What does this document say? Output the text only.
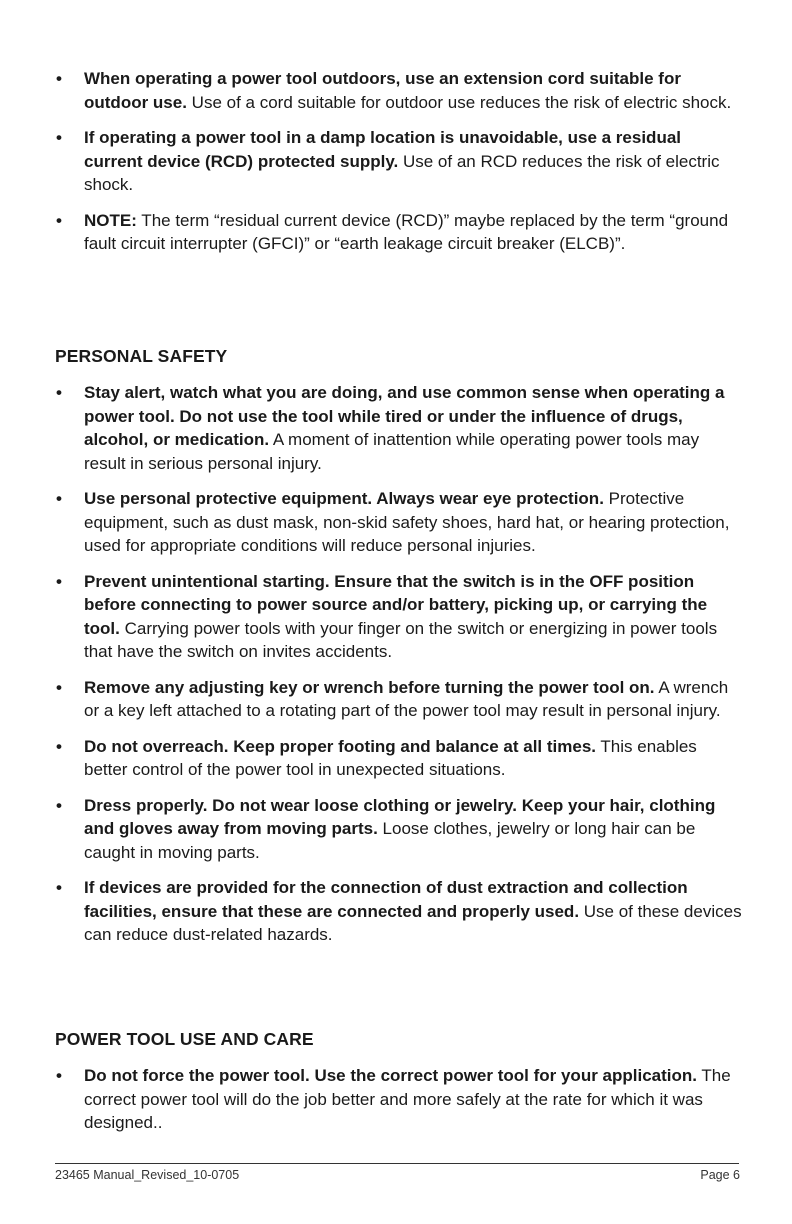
• When operating a power tool outdoors, use an extension cord suitable for outdoor use. Use of a cord suitable for outdoor use reduces the risk of electric shock.
• If operating a power tool in a damp location is unavoidable, use a residual current device (RCD) protected supply. Use of an RCD reduces the risk of electric shock.
• NOTE: The term “residual current device (RCD)” maybe replaced by the term “ground fault circuit interrupter (GFCI)” or “earth leakage circuit breaker (ELCB)”.
PERSONAL SAFETY
• Stay alert, watch what you are doing, and use common sense when operating a power tool. Do not use the tool while tired or under the influence of drugs, alcohol, or medication. A moment of inattention while operating power tools may result in serious personal injury.
• Use personal protective equipment. Always wear eye protection. Protective equipment, such as dust mask, non-skid safety shoes, hard hat, or hearing protection, used for appropriate conditions will reduce personal injuries.
• Prevent unintentional starting. Ensure that the switch is in the OFF position before connecting to power source and/or battery, picking up, or carrying the tool. Carrying power tools with your finger on the switch or energizing in power tools that have the switch on invites accidents.
• Remove any adjusting key or wrench before turning the power tool on. A wrench or a key left attached to a rotating part of the power tool may result in personal injury.
• Do not overreach. Keep proper footing and balance at all times. This enables better control of the power tool in unexpected situations.
• Dress properly. Do not wear loose clothing or jewelry. Keep your hair, clothing and gloves away from moving parts. Loose clothes, jewelry or long hair can be caught in moving parts.
• If devices are provided for the connection of dust extraction and collection facilities, ensure that these are connected and properly used. Use of these devices can reduce dust-related hazards.
POWER TOOL USE AND CARE
• Do not force the power tool. Use the correct power tool for your application. The correct power tool will do the job better and more safely at the rate for which it was designed..
23465 Manual_Revised_10-0705	Page 6
